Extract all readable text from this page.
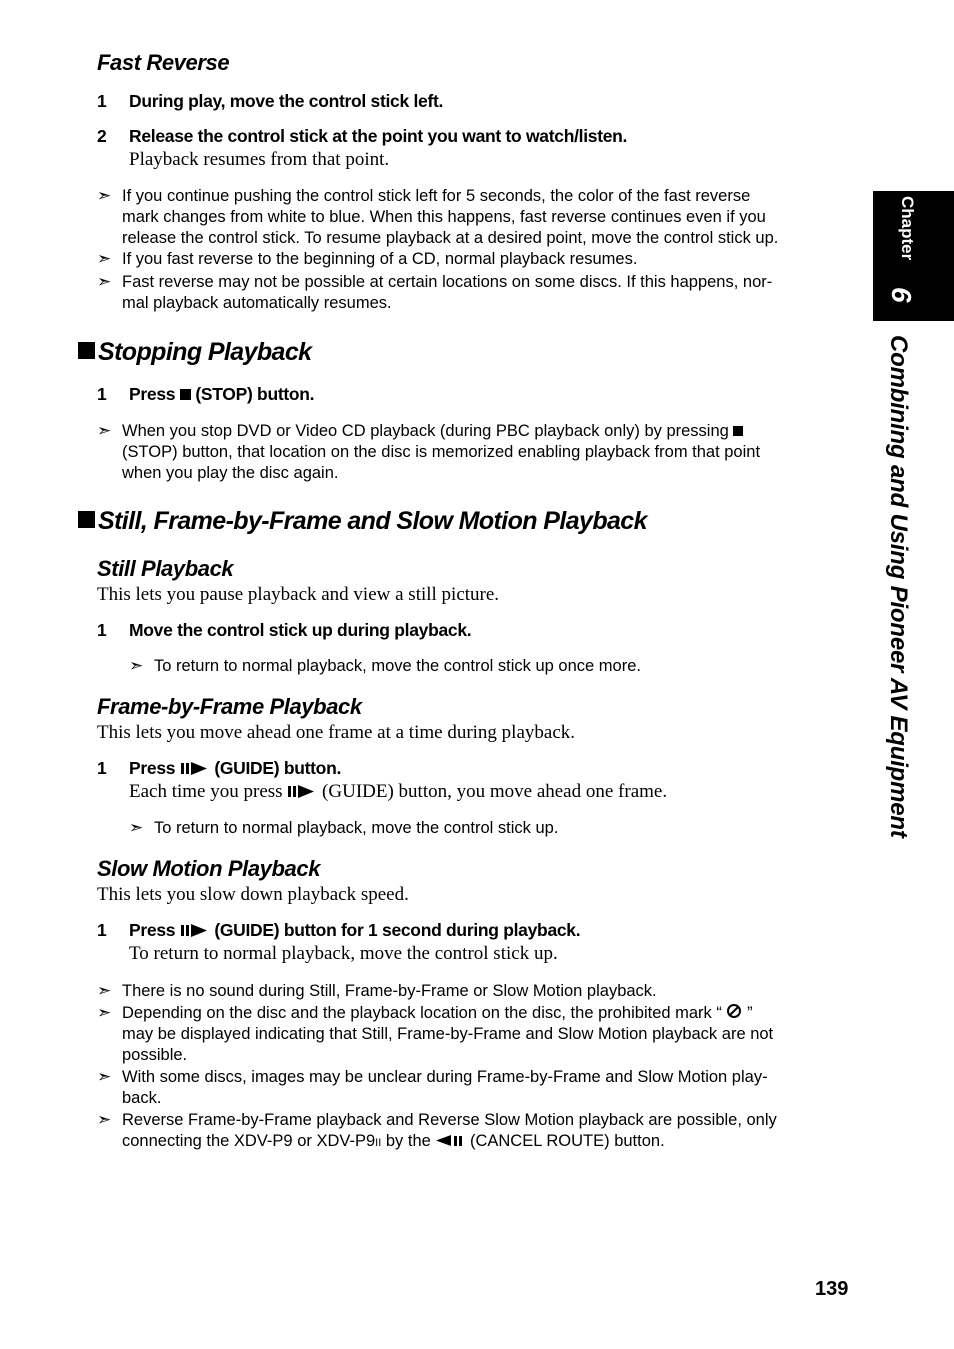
Fast Reverse
1 During play, move the control stick left.
2 Release the control stick at the point you want to watch/listen.
Playback resumes from that point.
➣ If you continue pushing the control stick left for 5 seconds, the color of the fast reverse
mark changes from white to blue. When this happens, fast reverse continues even if you
release the control stick. To resume playback at a desired point, move the control stick up.
➣ If you fast reverse to the beginning of a CD, normal playback resumes.
➣ Fast reverse may not be possible at certain locations on some discs. If this happens, nor-
mal playback automatically resumes.
Stopping Playback
1 Press (STOP) button.
➣ When you stop DVD or Video CD playback (during PBC playback only) by pressing
(STOP) button, that location on the disc is memorized enabling playback from that point
when you play the disc again.
Still, Frame-by-Frame and Slow Motion Playback
Still Playback
This lets you pause playback and view a still picture.
1 Move the control stick up during playback.
➣ To return to normal playback, move the control stick up once more.
Frame-by-Frame Playback
This lets you move ahead one frame at a time during playback.
1 Press (GUIDE) button.
Each time you press (GUIDE) button, you move ahead one frame.
➣ To return to normal playback, move the control stick up.
Slow Motion Playback
This lets you slow down playback speed.
1 Press (GUIDE) button for 1 second during playback.
To return to normal playback, move the control stick up.
➣ There is no sound during Still, Frame-by-Frame or Slow Motion playback.
➣ Depending on the disc and the playback location on the disc, the prohibited mark “ ”
may be displayed indicating that Still, Frame-by-Frame and Slow Motion playback are not
possible.
➣ With some discs, images may be unclear during Frame-by-Frame and Slow Motion play-
back.
➣ Reverse Frame-by-Frame playback and Reverse Slow Motion playback are possible, only
connecting the XDV-P9 or XDV-P9II by the  (CANCEL ROUTE) button.
Chapter
6
Combining and Using Pioneer AV Equipment
139
